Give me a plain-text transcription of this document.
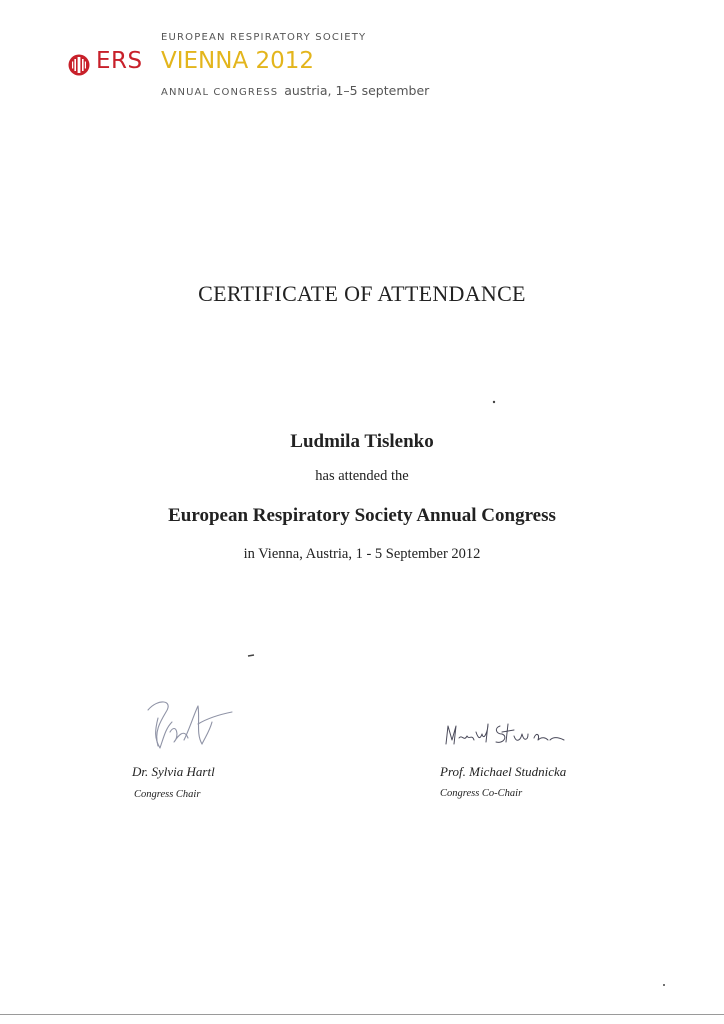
EUROPEAN RESPIRATORY SOCIETY
ERS VIENNA 2012
ANNUAL CONGRESS austria, 1–5 september
CERTIFICATE OF ATTENDANCE
Ludmila Tislenko
has attended the
European Respiratory Society Annual Congress
in Vienna, Austria, 1 - 5 September 2012
Dr. Sylvia Hartl
Congress Chair
Prof. Michael Studnicka
Congress Co-Chair
